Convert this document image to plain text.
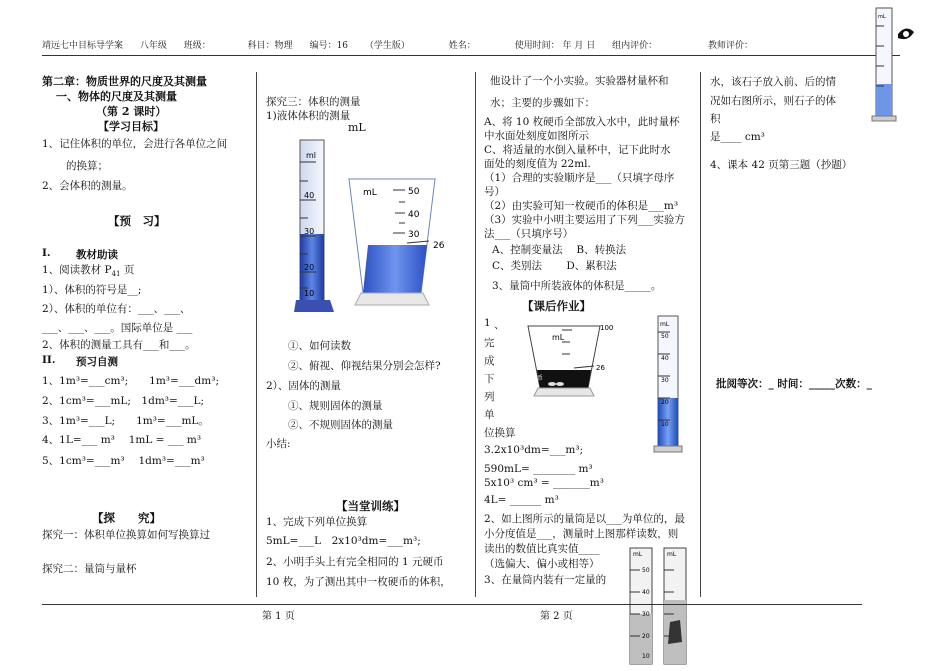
靖远七中目标导学案 八年级 班级：	科目：物理 编号：16 （学生版）	姓名：	使用时间： 年 月 日 组内评价：	教师评价：
第二章：物质世界的尺度及其测量
一、物体的尺度及其测量
（第 2 课时）
【学习目标】
1、记住体积的单位，会进行各单位之间
的换算；
2、会体积的测量。
【预　习】
I. 教材助读
1、阅读教材 $P_{41}$ 页
1）、体积的符号是__;
2）、体积的单位有：___、___、
___、___、___。国际单位是 ___
2、体积的测量工具有___和___。
II. 预习自测
1、1m³=___cm³;　　1m³=___dm³;
2、1cm³=___mL;　1dm³=___L;
3、1m³=___L;　　1m³=___mL。
4、1L=___ m³　 1mL = ___ m³
5、1cm³=___m³　 1dm³=___m³
【探　　究】
探究一：体积单位换算如何写换算过
探究二：量筒与量杯
探究三：体积的测量
1)液体体积的测量
mL
ml
40
30
20
10
mL	50
40
30
26
①、如何读数
②、俯视、仰视结果分别会怎样?
2）、固体的测量
①、规则固体的测量
②、不规则固体的测量
小结:
【当堂训练】
1、完成下列单位换算
5mL=___L　2x10³dm=___m³;
2、小明手头上有完全相同的 1 元硬币
10 枚，为了测出其中一枚硬币的体积，
他设计了一个小实验。实验器材量杯和
水；主要的步骤如下：
A、将 10 枚硬币全部放入水中，此时量杯
中水面处刻度如图所示
C、将适量的水倒入量杯中，记下此时水
面处的刻度值为 22ml.
（1）合理的实验顺序是___（只填字母序
号）
（2）由实验可知一枚硬币的体积是___m³
（3）实验中小明主要运用了下列___实验方
法___（只填序号）
A、控制变量法　 B、转换法
C、类别法　　 D、累积法
3、量筒中所装液体的体积是_____。
【课后作业】
1 、
完
成
下
列
单
位换算
mL
100
26
硬币
3.2x10³dm=___m³;
590mL= ________ m³
5x10³ cm³ = _______m³
4L= ______ m³
2、如上图所示的量筒是以___为单位的，最
小分度值是___，测量时上图那样读数，则
读出的数值比真实值____
（选偏大、偏小或相等）
3、在量筒内装有一定量的
mL
50
40
30
20
10
mL	mL
50
40
30
20
10
水，该石子放入前、后的情
况如右图所示，则石子的体
积
是____ cm³
4、课本 42 页第三题（抄题）
批阅等次：_ 时间：_____次数：_
mL
第 1 页	第 2 页
